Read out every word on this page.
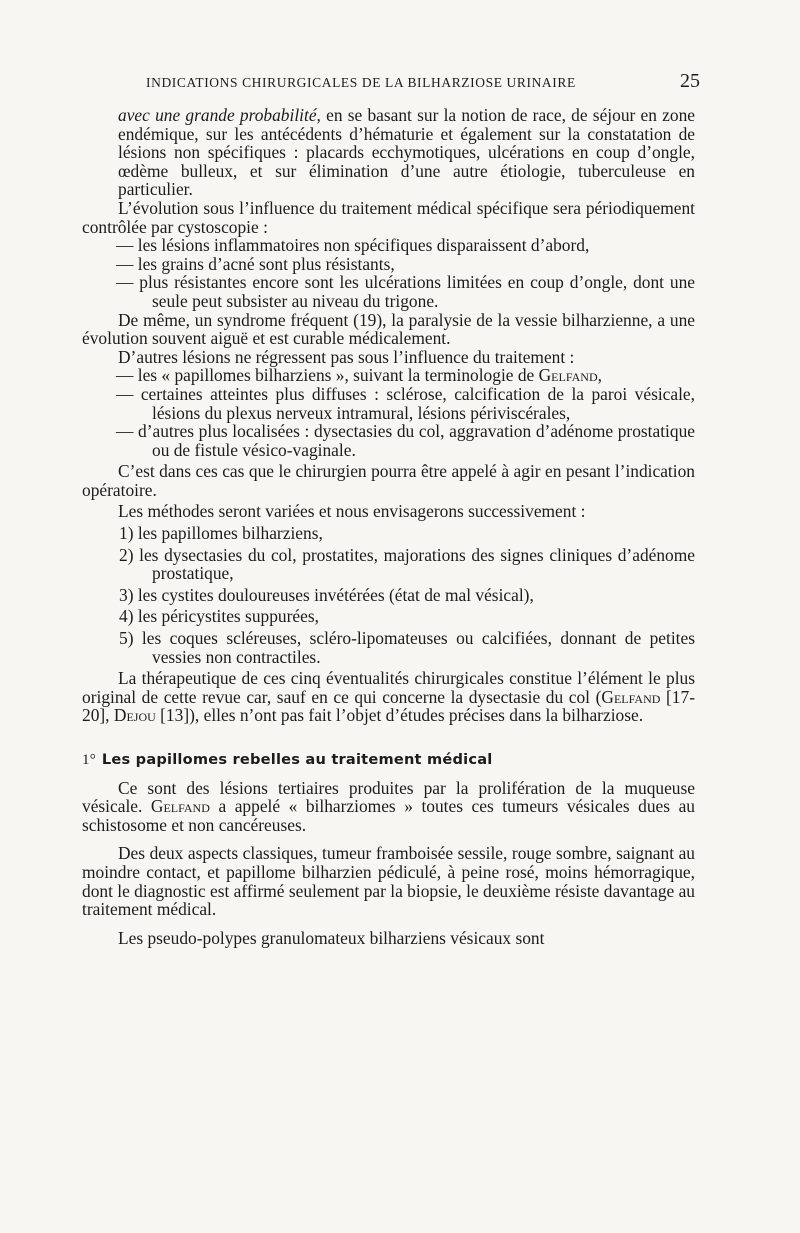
INDICATIONS CHIRURGICALES DE LA BILHARZIOSE URINAIRE	25

avec une grande probabilité, en se basant sur la notion de race, de séjour en zone endémique, sur les antécédents d’hématurie et également sur la constatation de lésions non spécifiques : placards ecchymotiques, ulcérations en coup d’ongle, œdème bulleux, et sur élimination d’une autre étiologie, tuberculeuse en particulier.

L’évolution sous l’influence du traitement médical spécifique sera périodiquement contrôlée par cystoscopie :

— les lésions inflammatoires non spécifiques disparaissent d’abord,

— les grains d’acné sont plus résistants,

— plus résistantes encore sont les ulcérations limitées en coup d’ongle, dont une seule peut subsister au niveau du trigone.

De même, un syndrome fréquent (19), la paralysie de la vessie bilharzienne, a une évolution souvent aiguë et est curable médicalement.

D’autres lésions ne régressent pas sous l’influence du traitement :

— les « papillomes bilharziens », suivant la terminologie de Gelfand,

— certaines atteintes plus diffuses : sclérose, calcification de la paroi vésicale, lésions du plexus nerveux intramural, lésions périviscérales,

— d’autres plus localisées : dysectasies du col, aggravation d’adénome prostatique ou de fistule vésico-vaginale.

C’est dans ces cas que le chirurgien pourra être appelé à agir en pesant l’indication opératoire.

Les méthodes seront variées et nous envisagerons successivement :

1) les papillomes bilharziens,

2) les dysectasies du col, prostatites, majorations des signes cliniques d’adénome prostatique,

3) les cystites douloureuses invétérées (état de mal vésical),

4) les péricystites suppurées,

5) les coques scléreuses, scléro-lipomateuses ou calcifiées, donnant de petites vessies non contractiles.

La thérapeutique de ces cinq éventualités chirurgicales constitue l’élément le plus original de cette revue car, sauf en ce qui concerne la dysectasie du col (Gelfand [17-20], Dejou [13]), elles n’ont pas fait l’objet d’études précises dans la bilharziose.

1° Les papillomes rebelles au traitement médical

Ce sont des lésions tertiaires produites par la prolifération de la muqueuse vésicale. Gelfand a appelé « bilharziomes » toutes ces tumeurs vésicales dues au schistosome et non cancéreuses.

Des deux aspects classiques, tumeur framboisée sessile, rouge sombre, saignant au moindre contact, et papillome bilharzien pédiculé, à peine rosé, moins hémorragique, dont le diagnostic est affirmé seulement par la biopsie, le deuxième résiste davantage au traitement médical.

Les pseudo-polypes granulomateux bilharziens vésicaux sont
